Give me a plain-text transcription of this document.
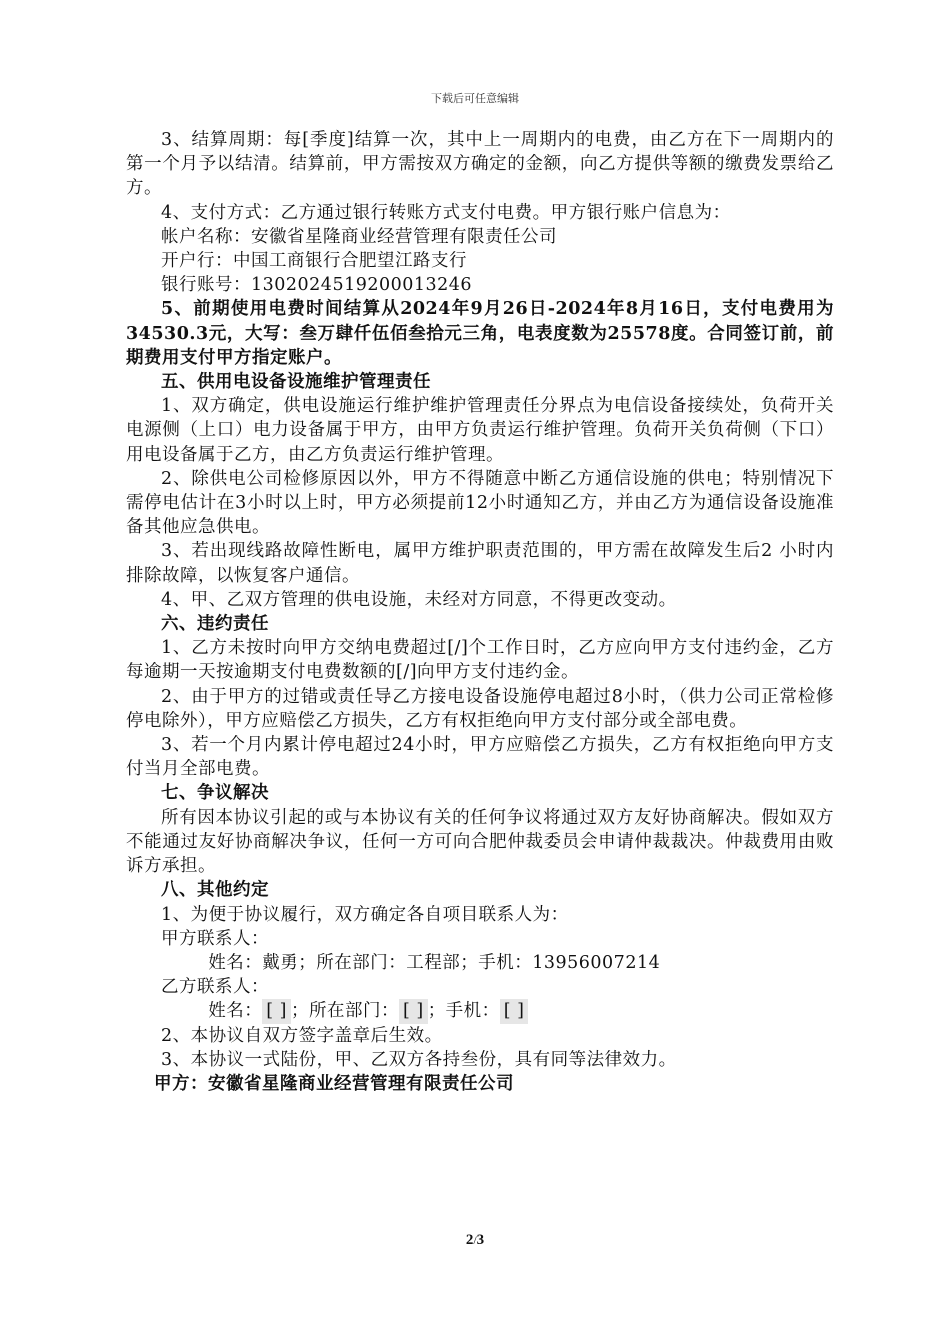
下载后可任意编辑

3、结算周期：每[季度]结算一次，其中上一周期内的电费，由乙方在下一周期内的第一个月予以结清。结算前，甲方需按双方确定的金额，向乙方提供等额的缴费发票给乙方。

4、支付方式：乙方通过银行转账方式支付电费。甲方银行账户信息为：

帐户名称：安徽省星隆商业经营管理有限责任公司

开户行：中国工商银行合肥望江路支行

银行账号：1302024519200013246

5、前期使用电费时间结算从2024年9月26日-2024年8月16日，支付电费用为34530.3元，大写：叁万肆仟伍佰叁拾元三角，电表度数为25578度。合同签订前，前期费用支付甲方指定账户。

五、供用电设备设施维护管理责任

1、双方确定，供电设施运行维护维护管理责任分界点为电信设备接续处，负荷开关电源侧（上口）电力设备属于甲方，由甲方负责运行维护管理。负荷开关负荷侧（下口）用电设备属于乙方，由乙方负责运行维护管理。

2、除供电公司检修原因以外，甲方不得随意中断乙方通信设施的供电；特别情况下需停电估计在3小时以上时，甲方必须提前12小时通知乙方，并由乙方为通信设备设施准备其他应急供电。

3、若出现线路故障性断电，属甲方维护职责范围的，甲方需在故障发生后2 小时内排除故障，以恢复客户通信。

4、甲、乙双方管理的供电设施，未经对方同意，不得更改变动。

六、违约责任

1、乙方未按时向甲方交纳电费超过[/]个工作日时，乙方应向甲方支付违约金，乙方每逾期一天按逾期支付电费数额的[/]向甲方支付违约金。

2、由于甲方的过错或责任导乙方接电设备设施停电超过8小时，（供力公司正常检修停电除外），甲方应赔偿乙方损失，乙方有权拒绝向甲方支付部分或全部电费。

3、若一个月内累计停电超过24小时，甲方应赔偿乙方损失，乙方有权拒绝向甲方支付当月全部电费。

七、争议解决

所有因本协议引起的或与本协议有关的任何争议将通过双方友好协商解决。假如双方不能通过友好协商解决争议，任何一方可向合肥仲裁委员会申请仲裁裁决。仲裁费用由败诉方承担。

八、其他约定

1、为便于协议履行，双方确定各自项目联系人为：

甲方联系人：

姓名：戴勇；所在部门：工程部；手机：13956007214

乙方联系人：

姓名： [ ] ；所在部门： [ ] ；手机： [ ]

2、本协议自双方签字盖章后生效。

3、本协议一式陆份，甲、乙双方各持叁份，具有同等法律效力。

甲方：安徽省星隆商业经营管理有限责任公司

2/3
